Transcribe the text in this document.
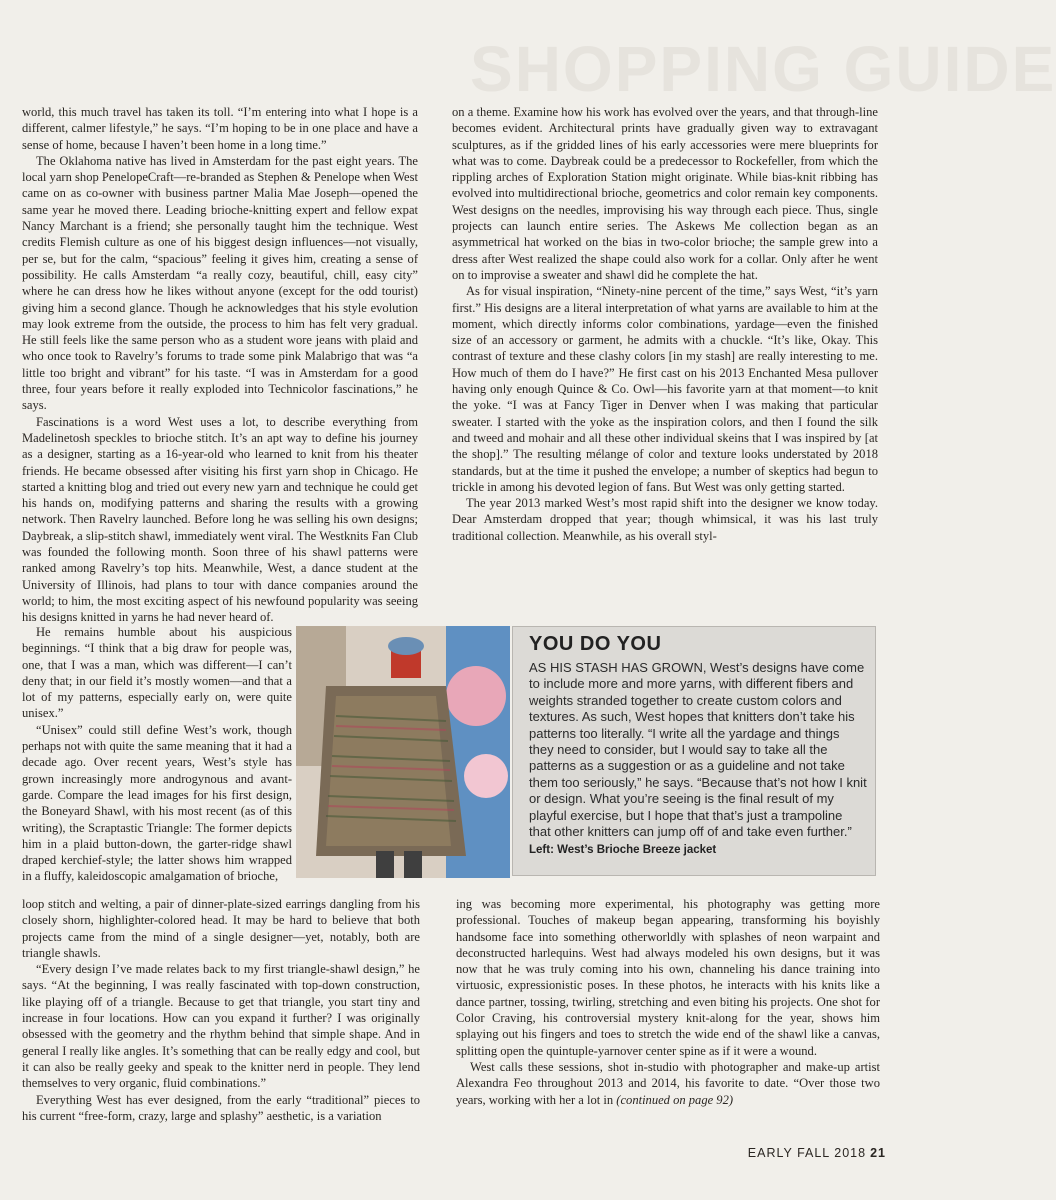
SHOPPING GUIDE

world, this much travel has taken its toll. “I’m entering into what I hope is a different, calmer lifestyle,” he says. “I’m hoping to be in one place and have a sense of home, because I haven’t been home in a long time.”

The Oklahoma native has lived in Amsterdam for the past eight years. The local yarn shop PenelopeCraft—re-branded as Stephen & Penelope when West came on as co-owner with business partner Malia Mae Joseph—opened the same year he moved there. Leading brioche-knitting expert and fellow expat Nancy Marchant is a friend; she personally taught him the technique. West credits Flemish culture as one of his biggest design influences—not visually, per se, but for the calm, “spacious” feeling it gives him, creating a sense of possibility. He calls Amsterdam “a really cozy, beautiful, chill, easy city” where he can dress how he likes without anyone (except for the odd tourist) giving him a second glance. Though he acknowledges that his style evolution may look extreme from the outside, the process to him has felt very gradual. He still feels like the same person who as a student wore jeans with plaid and who once took to Ravelry’s forums to trade some pink Malabrigo that was “a little too bright and vibrant” for his taste. “I was in Amsterdam for a good three, four years before it really exploded into Technicolor fascinations,” he says.

Fascinations is a word West uses a lot, to describe everything from Madelinetosh speckles to brioche stitch. It’s an apt way to define his journey as a designer, starting as a 16-year-old who learned to knit from his theater friends. He became obsessed after visiting his first yarn shop in Chicago. He started a knitting blog and tried out every new yarn and technique he could get his hands on, modifying patterns and sharing the results with a growing network. Then Ravelry launched. Before long he was selling his own designs; Daybreak, a slip-stitch shawl, immediately went viral. The Westknits Fan Club was founded the following month. Soon three of his shawl patterns were ranked among Ravelry’s top hits. Meanwhile, West, a dance student at the University of Illinois, had plans to tour with dance companies around the world; to him, the most exciting aspect of his newfound popularity was seeing his designs knitted in yarns he had never heard of.

He remains humble about his auspicious beginnings. “I think that a big draw for people was, one, that I was a man, which was different—I can’t deny that; in our field it’s mostly women—and that a lot of my patterns, especially early on, were quite unisex.”

“Unisex” could still define West’s work, though perhaps not with quite the same meaning that it had a decade ago. Over recent years, West’s style has grown increasingly more androgynous and avant-garde. Compare the lead images for his first design, the Boneyard Shawl, with his most recent (as of this writing), the Scraptastic Triangle: The former depicts him in a plaid button-down, the garter-ridge shawl draped kerchief-style; the latter shows him wrapped in a fluffy, kaleidoscopic amalgamation of brioche,

loop stitch and welting, a pair of dinner-plate-sized earrings dangling from his closely shorn, highlighter-colored head. It may be hard to believe that both projects came from the mind of a single designer—yet, notably, both are triangle shawls.

“Every design I’ve made relates back to my first triangle-shawl design,” he says. “At the beginning, I was really fascinated with top-down construction, like playing off of a triangle. Because to get that triangle, you start tiny and increase in four locations. How can you expand it further? I was originally obsessed with the geometry and the rhythm behind that simple shape. And in general I really like angles. It’s something that can be really edgy and cool, but it can also be really geeky and speak to the knitter nerd in people. They lend themselves to very organic, fluid combinations.”

Everything West has ever designed, from the early “traditional” pieces to his current “free-form, crazy, large and splashy” aesthetic, is a variation

on a theme. Examine how his work has evolved over the years, and that through-line becomes evident. Architectural prints have gradually given way to extravagant sculptures, as if the gridded lines of his early accessories were mere blueprints for what was to come. Daybreak could be a predecessor to Rockefeller, from which the rippling arches of Exploration Station might originate. While bias-knit ribbing has evolved into multidirectional brioche, geometrics and color remain key components. West designs on the needles, improvising his way through each piece. Thus, single projects can launch entire series. The Askews Me collection began as an asymmetrical hat worked on the bias in two-color brioche; the sample grew into a dress after West realized the shape could also work for a collar. Only after he went on to improvise a sweater and shawl did he complete the hat.

As for visual inspiration, “Ninety-nine percent of the time,” says West, “it’s yarn first.” His designs are a literal interpretation of what yarns are available to him at the moment, which directly informs color combinations, yardage—even the finished size of an accessory or garment, he admits with a chuckle. “It’s like, Okay. This contrast of texture and these clashy colors [in my stash] are really interesting to me. How much of them do I have?” He first cast on his 2013 Enchanted Mesa pullover having only enough Quince & Co. Owl—his favorite yarn at that moment—to knit the yoke. “I was at Fancy Tiger in Denver when I was making that particular sweater. I started with the yoke as the inspiration colors, and then I found the silk and tweed and mohair and all these other individual skeins that I was inspired by [at the shop].” The resulting mélange of color and texture looks understated by 2018 standards, but at the time it pushed the envelope; a number of skeptics had begun to trickle in among his devoted legion of fans. But West was only getting started.

The year 2013 marked West’s most rapid shift into the designer we know today. Dear Amsterdam dropped that year; though whimsical, it was his last truly traditional collection. Meanwhile, as his overall styl-

YOU DO YOU

AS HIS STASH HAS GROWN, West’s designs have come to include more and more yarns, with different fibers and weights stranded together to create custom colors and textures. As such, West hopes that knitters don’t take his patterns too literally. “I write all the yardage and things they need to consider, but I would say to take all the patterns as a suggestion or as a guideline and not take them too seriously,” he says. “Because that’s not how I knit or design. What you’re seeing is the final result of my playful exercise, but I hope that that’s just a trampoline that other knitters can jump off of and take even further.”

Left: West’s Brioche Breeze jacket

ing was becoming more experimental, his photography was getting more professional. Touches of makeup began appearing, transforming his boyishly handsome face into something otherworldly with splashes of neon warpaint and deconstructed harlequins. West had always modeled his own designs, but it was now that he was truly coming into his own, channeling his dance training into virtuosic, expressionistic poses. In these photos, he interacts with his knits like a dance partner, tossing, twirling, stretching and even biting his projects. One shot for Color Craving, his controversial mystery knit-along for the year, shows him splaying out his fingers and toes to stretch the wide end of the shawl like a canvas, splitting open the quintuple-yarnover center spine as if it were a wound.

West calls these sessions, shot in-studio with photographer and make-up artist Alexandra Feo throughout 2013 and 2014, his favorite to date. “Over those two years, working with her a lot in (continued on page 92)

EARLY FALL 2018 21
